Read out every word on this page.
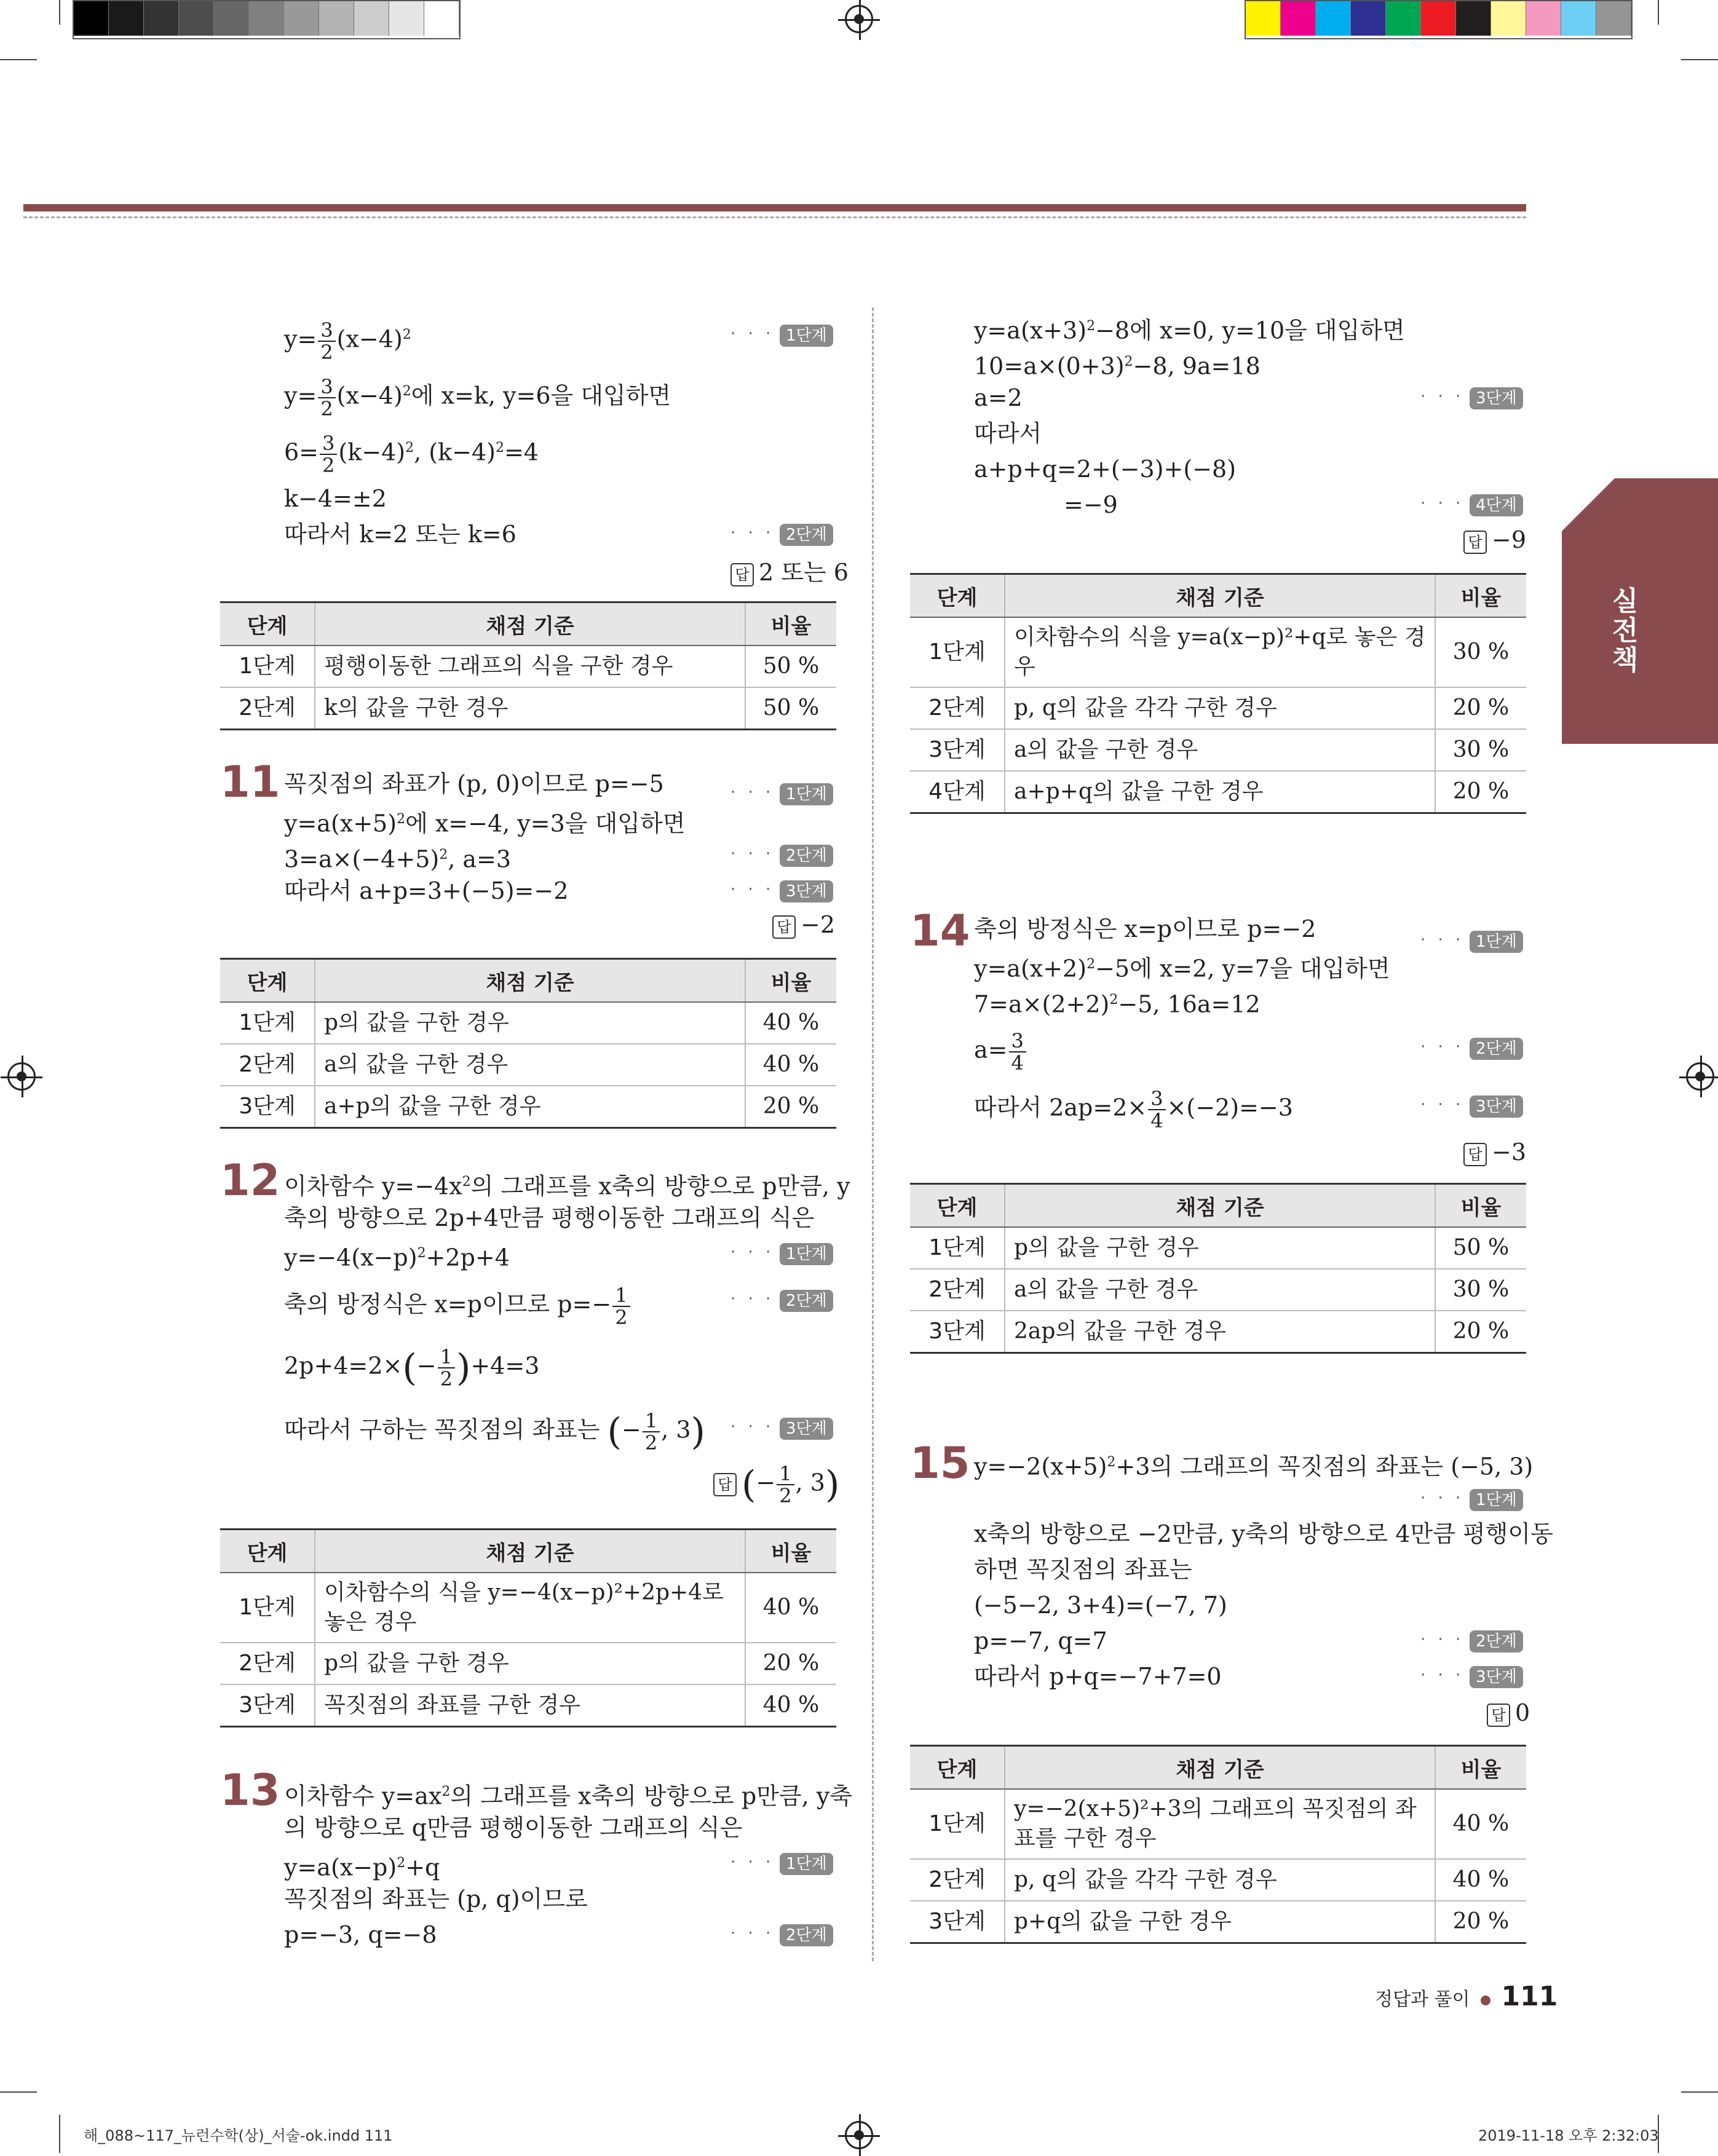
실전책
$y= \frac{3}{2} (x-4)^2$	· · · 1단계
$y= \frac{3}{2} (x-4)^2$에 x=k, y=6을 대입하면
$6= \frac{3}{2} (k-4)^2$, $(k-4)^2=4$
k−4=±2
따라서 k=2 또는 k=6	· · · 2단계
답 2 또는 6
단계	채점 기준	비율
1단계	평행이동한 그래프의 식을 구한 경우	50 %
2단계	k의 값을 구한 경우	50 %
11 꼭짓점의 좌표가 (p, 0)이므로 p=−5	· · · 1단계
$y=a(x+5)^2$에 x=−4, y=3을 대입하면
$3=a\times(-4+5)^2$, a=3	· · · 2단계
따라서 a+p=3+(−5)=−2	· · · 3단계
답 −2
단계	채점 기준	비율
1단계	p의 값을 구한 경우	40 %
2단계	a의 값을 구한 경우	40 %
3단계	a+p의 값을 구한 경우	20 %
12 이차함수 $y=-4x^2$의 그래프를 x축의 방향으로 p만큼, y
축의 방향으로 2p+4만큼 평행이동한 그래프의 식은
$y=-4(x-p)^2+2p+4$	· · · 1단계
축의 방정식은 x=p이므로 $p=- \frac{1}{2}$	· · · 2단계
$2p+4=2\times(- \frac{1}{2} )+4=3$
따라서 구하는 꼭짓점의 좌표는 (− $\frac{1}{2}$ , 3) · · · 3단계
답 (− $\frac{1}{2}$ , 3)
단계	채점 기준	비율
1단계	이차함수의 식을 y=−4(x−p)²+2p+4로 놓은 경우	40 %
2단계	p의 값을 구한 경우	20 %
3단계	꼭짓점의 좌표를 구한 경우	40 %
13 이차함수 $y=ax^2$의 그래프를 x축의 방향으로 p만큼, y축
의 방향으로 q만큼 평행이동한 그래프의 식은
$y=a(x-p)^2+q$	· · · 1단계
꼭짓점의 좌표는 (p, q)이므로
p=−3, q=−8	· · · 2단계
$y=a(x+3)^2-8$에 x=0, y=10을 대입하면
$10=a\times(0+3)^2-8$, 9a=18
a=2	· · · 3단계
따라서
a+p+q=2+(−3)+(−8)
=−9	· · · 4단계
답 −9
단계	채점 기준	비율
1단계	이차함수의 식을 y=a(x−p)²+q로 놓은 경우	30 %
2단계	p, q의 값을 각각 구한 경우	20 %
3단계	a의 값을 구한 경우	30 %
4단계	a+p+q의 값을 구한 경우	20 %
14 축의 방정식은 x=p이므로 p=−2	· · · 1단계
$y=a(x+2)^2-5$에 x=2, y=7을 대입하면
$7=a\times(2+2)^2-5$, 16a=12
$a= \frac{3}{4}$	· · · 2단계
따라서 $2ap=2\times \frac{3}{4} \times(-2)=-3$	· · · 3단계
답 −3
단계	채점 기준	비율
1단계	p의 값을 구한 경우	50 %
2단계	a의 값을 구한 경우	30 %
3단계	2ap의 값을 구한 경우	20 %
15 $y=-2(x+5)^2+3$의 그래프의 꼭짓점의 좌표는 (−5, 3)
· · · 1단계
x축의 방향으로 −2만큼, y축의 방향으로 4만큼 평행이동
하면 꼭짓점의 좌표는
(−5−2, 3+4)=(−7, 7)
p=−7, q=7	· · · 2단계
따라서 p+q=−7+7=0	· · · 3단계
답 0
단계	채점 기준	비율
1단계	y=−2(x+5)²+3의 그래프의 꼭짓점의 좌표를 구한 경우	40 %
2단계	p, q의 값을 각각 구한 경우	40 %
3단계	p+q의 값을 구한 경우	20 %
정답과 풀이 111
해_088~117_뉴런수학(상)_서술-ok.indd 111	2019-11-18 오후 2:32:03
